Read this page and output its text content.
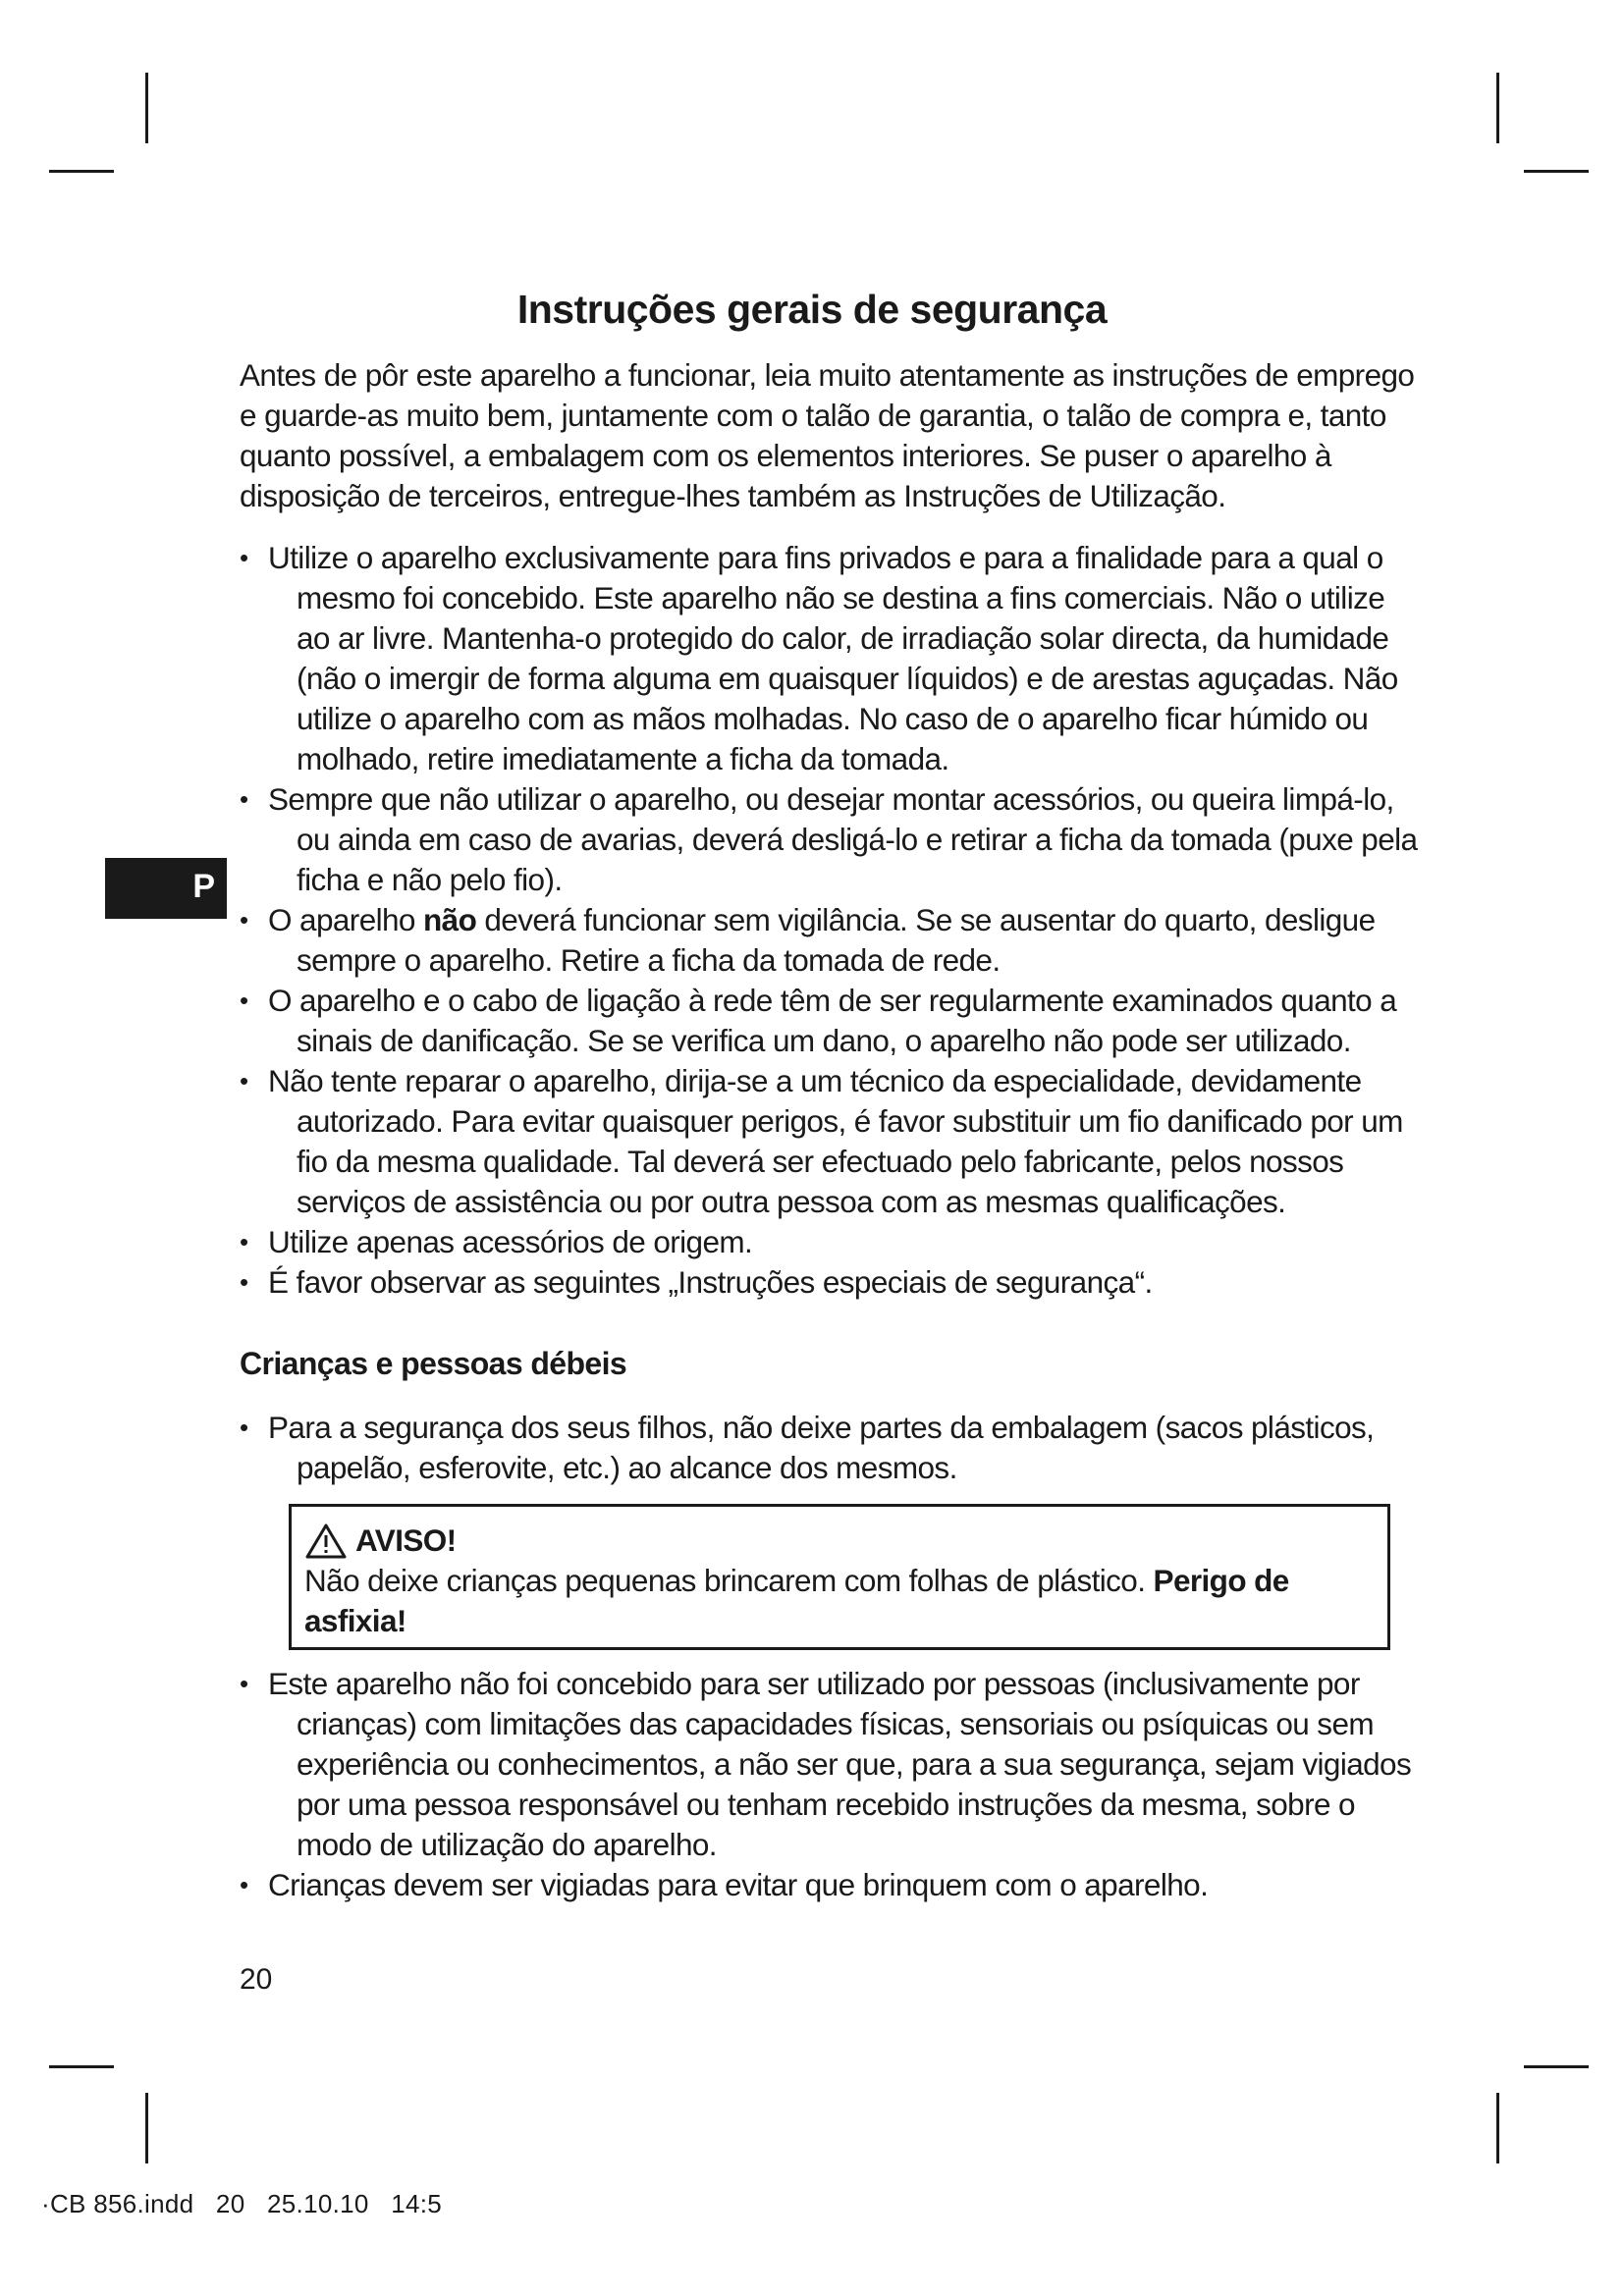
Instruções gerais de segurança
P

Antes de pôr este aparelho a funcionar, leia muito atentamente as instruções de emprego e guarde-as muito bem, juntamente com o talão de garantia, o talão de compra e, tanto quanto possível, a embalagem com os elementos interiores. Se puser o aparelho à disposição de terceiros, entregue-lhes também as Instruções de Utilização.

• Utilize o aparelho exclusivamente para fins privados e para a finalidade para a qual o mesmo foi concebido. Este aparelho não se destina a fins comerciais. Não o utilize ao ar livre. Mantenha-o protegido do calor, de irradiação solar directa, da humidade (não o imergir de forma alguma em quaisquer líquidos) e de arestas aguçadas. Não utilize o aparelho com as mãos molhadas. No caso de o aparelho ficar húmido ou molhado, retire imediatamente a ficha da tomada.
• Sempre que não utilizar o aparelho, ou desejar montar acessórios, ou queira limpá-lo, ou ainda em caso de avarias, deverá desligá-lo e retirar a ficha da tomada (puxe pela ficha e não pelo fio).
• O aparelho não deverá funcionar sem vigilância. Se se ausentar do quarto, desligue sempre o aparelho. Retire a ficha da tomada de rede.
• O aparelho e o cabo de ligação à rede têm de ser regularmente examinados quanto a sinais de danificação. Se se verifica um dano, o aparelho não pode ser utilizado.
• Não tente reparar o aparelho, dirija-se a um técnico da especialidade, devidamente autorizado. Para evitar quaisquer perigos, é favor substituir um fio danificado por um fio da mesma qualidade. Tal deverá ser efectuado pelo fabricante, pelos nossos serviços de assistência ou por outra pessoa com as mesmas qualificações.
• Utilize apenas acessórios de origem.
• É favor observar as seguintes „Instruções especiais de segurança“.
Crianças e pessoas débeis
• Para a segurança dos seus filhos, não deixe partes da embalagem (sacos plásticos, papelão, esferovite, etc.) ao alcance dos mesmos.
AVISO!
Não deixe crianças pequenas brincarem com folhas de plástico. Perigo de asfixia!
• Este aparelho não foi concebido para ser utilizado por pessoas (inclusivamente por crianças) com limitações das capacidades físicas, sensoriais ou psíquicas ou sem experiência ou conhecimentos, a não ser que, para a sua segurança, sejam vigiados por uma pessoa responsável ou tenham recebido instruções da mesma, sobre o modo de utilização do aparelho.
• Crianças devem ser vigiadas para evitar que brinquem com o aparelho.
20
·CB 856.indd   20   25.10.10   14:5
